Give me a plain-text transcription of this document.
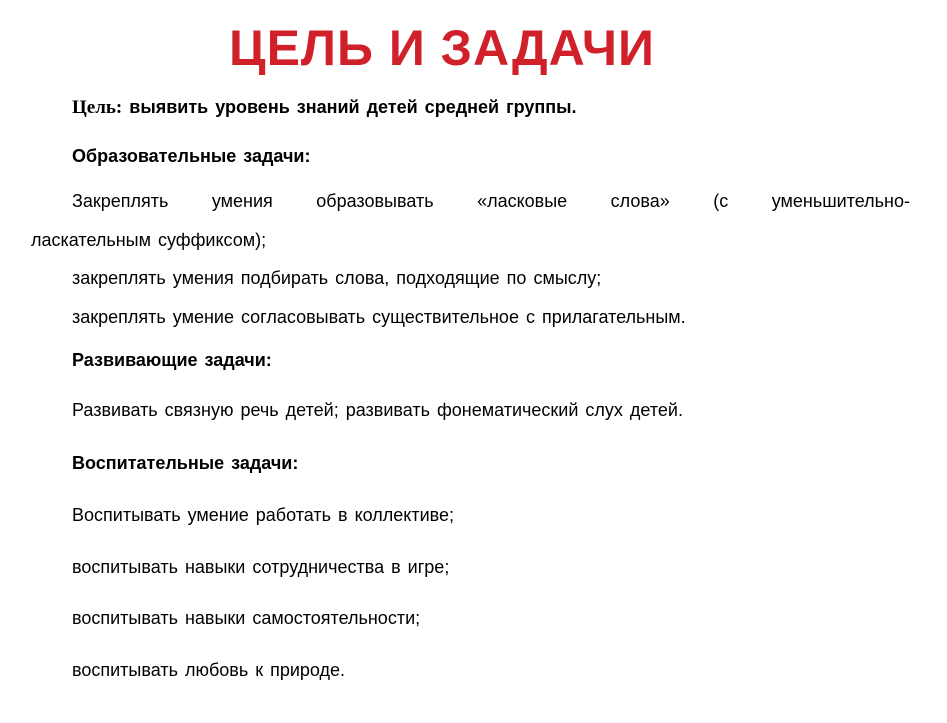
ЦЕЛЬ И ЗАДАЧИ
Цель: выявить уровень знаний детей средней группы.
Образовательные задачи:
Закреплять умения образовывать «ласковые слова» (с уменьшительно-
ласкательным суффиксом);
закреплять умения подбирать слова, подходящие по смыслу;
закреплять умение согласовывать существительное с прилагательным.
Развивающие задачи:
Развивать связную речь детей; развивать фонематический слух детей.
Воспитательные задачи:
Воспитывать умение работать в коллективе;
воспитывать навыки сотрудничества в игре;
воспитывать навыки самостоятельности;
воспитывать любовь к природе.
